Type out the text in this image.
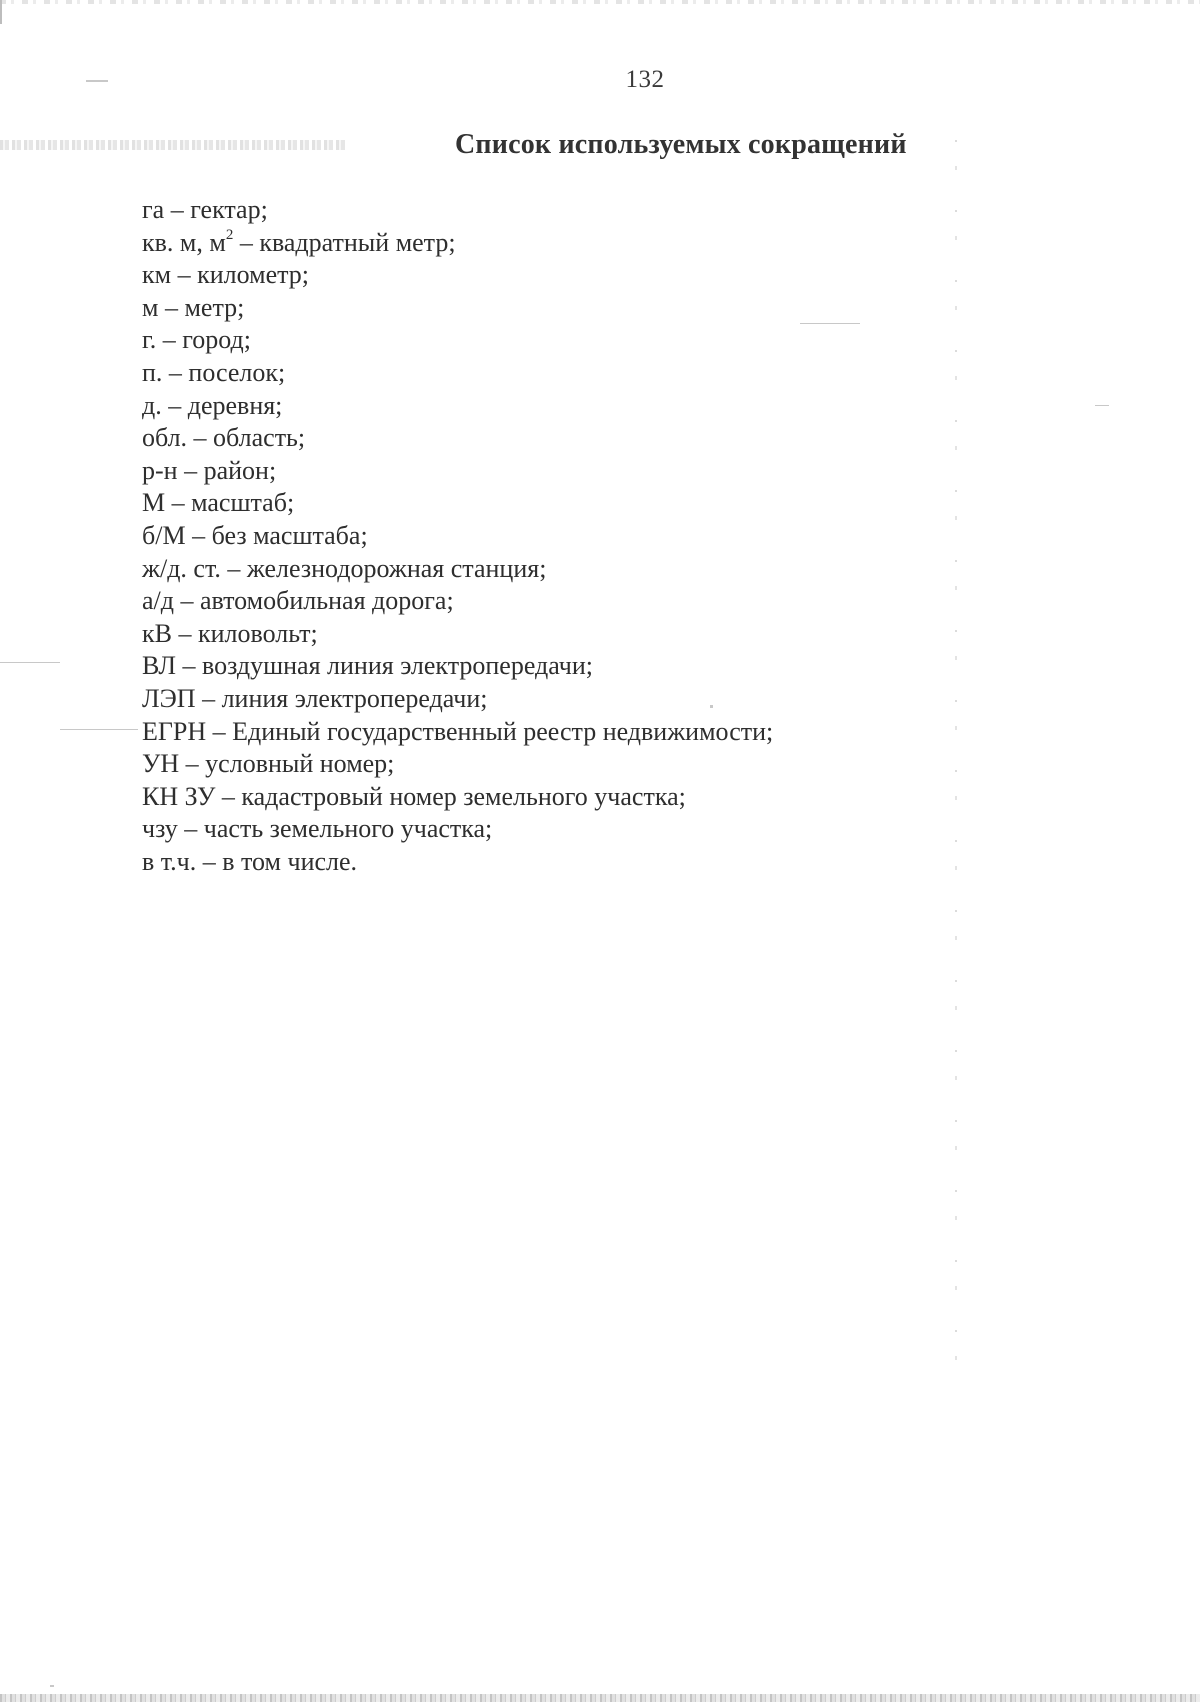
132
Список используемых сокращений
га – гектар;
кв. м, $м^2$ – квадратный метр;
км – километр;
м – метр;
г. – город;
п. – поселок;
д. – деревня;
обл. – область;
р-н – район;
М – масштаб;
б/М – без масштаба;
ж/д. ст. – железнодорожная станция;
а/д – автомобильная дорога;
кВ – киловольт;
ВЛ – воздушная линия электропередачи;
ЛЭП – линия электропередачи;
ЕГРН – Единый государственный реестр недвижимости;
УН – условный номер;
КН ЗУ – кадастровый номер земельного участка;
чзу – часть земельного участка;
в т.ч. – в том числе.
